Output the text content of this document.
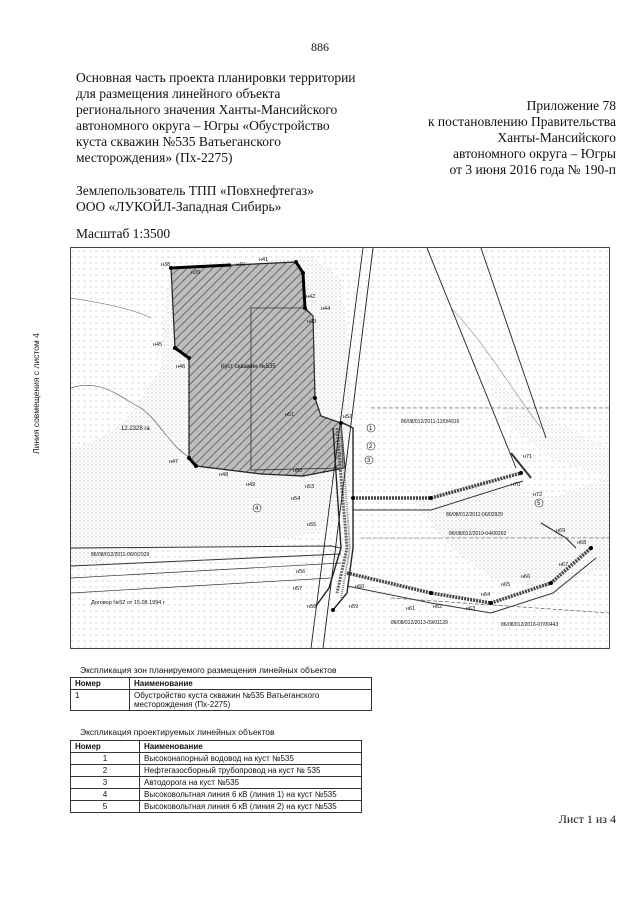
886
Основная часть проекта планировки территории
для размещения линейного объекта
регионального значения Ханты-Мансийского
автономного округа – Югры «Обустройство
куста скважин №535 Ватьеганского
месторождения» (Пх-2275)
Приложение 78
к постановлению Правительства
Ханты-Мансийского
автономного округа – Югры
от 3 июня 2016 года № 190-п
Землепользователь ТПП «Повхнефтегаз»
ООО «ЛУКОЙЛ-Западная Сибирь»
Масштаб 1:3500
Линия совмещения с листом 4
н38
н39
н40
н41
н42
н43
н44
н45
н46
н47
н48
н49
н50
н51	н52
н53
н54
н55
н56
н57
н58	н59
н60
н61	н62	н63
н64
н65
н66
н67
н68
н69
н70
н71
н72
1
2
3
4
5
Куст скважин №535
12.2328 га
Договор №52 от 15.08.1994 г
86/08/012/2011-12/0/4916
86/08/012/2010-04/00262
86/08/012/2013-09/01129	86/08/012/2016-07/00443
86/08/012/2011-06/02929
86/08/012/2011-06/0/2929
Экспликация зон планируемого размещения линейных объектов
Номер	Наименование
1	Обустройство куста скважин №535 Ватьеганского месторождения (Пх-2275)
Экспликация проектируемых линейных объектов
Номер	Наименование
1	Высоконапорный водовод на куст №535
2	Нефтегазосборный трубопровод на куст № 535
3	Автодорога на куст №535
4	Высоковольтная линия 6 кВ (линия 1) на куст №535
5	Высоковольтная линия 6 кВ (линия 2) на куст №535
Лист 1 из 4
